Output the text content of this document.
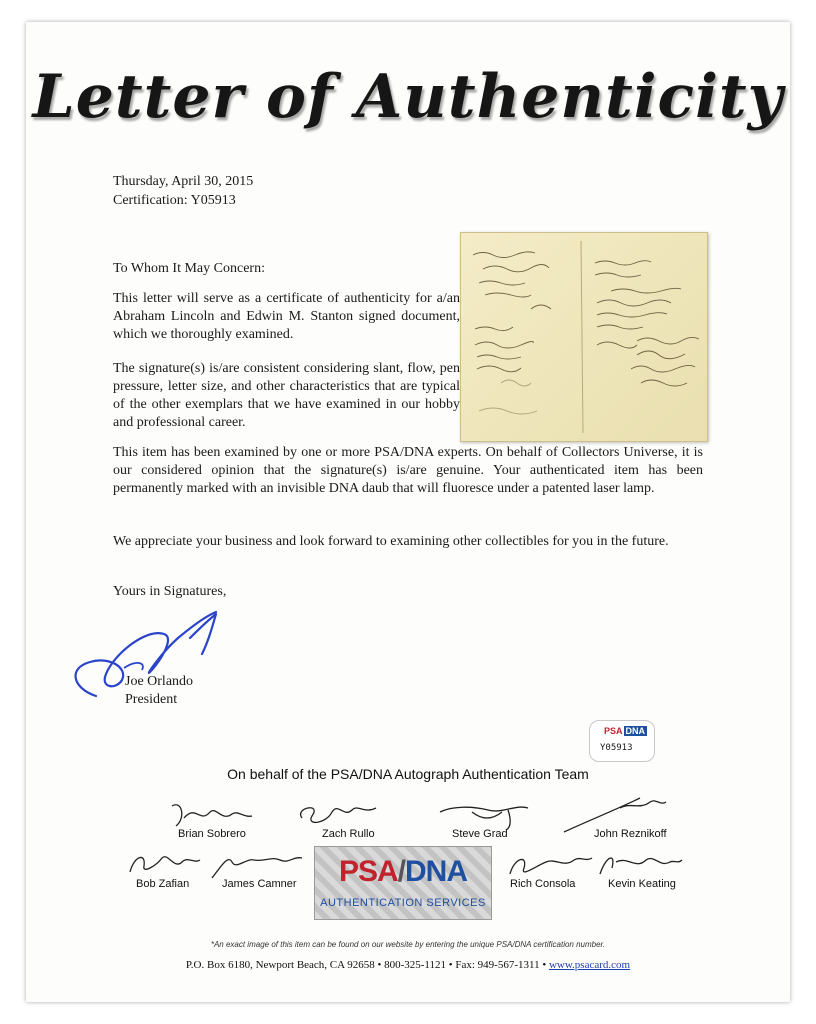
Letter of Authenticity
Thursday, April 30, 2015
Certification: Y05913
To Whom It May Concern:
This letter will serve as a certificate of authenticity for a/an Abraham Lincoln and Edwin M. Stanton signed document, which we thoroughly examined.
The signature(s) is/are consistent considering slant, flow, pen pressure, letter size, and other characteristics that are typical of the other exemplars that we have examined in our hobby and professional career.
This item has been examined by one or more PSA/DNA experts. On behalf of Collectors Universe, it is our considered opinion that the signature(s) is/are genuine. Your authenticated item has been permanently marked with an invisible DNA daub that will fluoresce under a patented laser lamp.
We appreciate your business and look forward to examining other collectibles for you in the future.
Yours in Signatures,
Joe Orlando
President
PSA DNA
Y05913
On behalf of the PSA/DNA Autograph Authentication Team
Brian Sobrero	Zach Rullo	Steve Grad	John Reznikoff
Bob Zafian	James Camner	Rich Consola	Kevin Keating
PSA/DNA
AUTHENTICATION SERVICES
*An exact image of this item can be found on our website by entering the unique PSA/DNA certification number.
P.O. Box 6180, Newport Beach, CA 92658 • 800-325-1121 • Fax: 949-567-1311 • www.psacard.com
